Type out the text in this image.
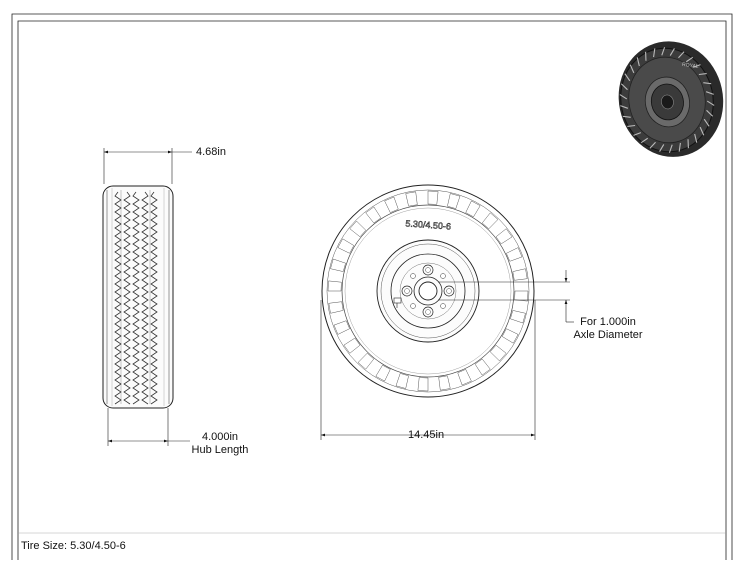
5.30/4.50-6
ROYAL
4.68in
4.000in
Hub Length
14.45in
For 1.000in
Axle Diameter
Tire Size: 5.30/4.50-6
